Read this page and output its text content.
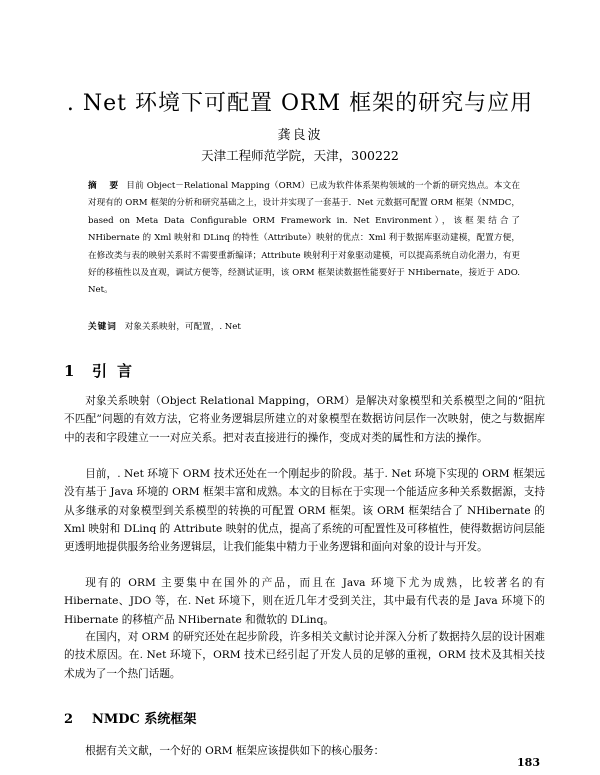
. Net 环境下可配置 ORM 框架的研究与应用
龚良波
天津工程师范学院，天津，300222

摘　要 目前 Object－Relational Mapping（ORM）已成为软件体系架构领域的一个新的研究热点。本文在对现有的 ORM 框架的分析和研究基础之上，设计并实现了一套基于．Net 元数据可配置 ORM 框架（NMDC，based on Meta Data Configurable ORM Framework in. Net Environment），该框架结合了 NHibernate 的 Xml 映射和 DLinq 的特性（Attribute）映射的优点：Xml 利于数据库驱动建模，配置方便，在修改类与表的映射关系时不需要重新编译；Attribute 映射利于对象驱动建模，可以提高系统自动化潜力，有更好的移植性以及直观，调试方便等，经测试证明，该 ORM 框架读数据性能要好于 NHibernate，接近于 ADO. Net。

关键词 对象关系映射，可配置，. Net

1 引言

对象关系映射（Object Relational Mapping，ORM）是解决对象模型和关系模型之间的“阻抗不匹配”问题的有效方法，它将业务逻辑层所建立的对象模型在数据访问层作一次映射，使之与数据库中的表和字段建立一一对应关系。把对表直接进行的操作，变成对类的属性和方法的操作。

目前，. Net 环境下 ORM 技术还处在一个刚起步的阶段。基于. Net 环境下实现的 ORM 框架远没有基于 Java 环境的 ORM 框架丰富和成熟。本文的目标在于实现一个能适应多种关系数据源，支持从多继承的对象模型到关系模型的转换的可配置 ORM 框架。该 ORM 框架结合了 NHibernate 的 Xml 映射和 DLinq 的 Attribute 映射的优点，提高了系统的可配置性及可移植性，使得数据访问层能更透明地提供服务给业务逻辑层，让我们能集中精力于业务逻辑和面向对象的设计与开发。

现有的 ORM 主要集中在国外的产品，而且在 Java 环境下尤为成熟，比较著名的有 Hibernate、JDO 等，在. Net 环境下，则在近几年才受到关注，其中最有代表的是 Java 环境下的 Hibernate 的移植产品 NHibernate 和微软的 DLinq。

在国内，对 ORM 的研究还处在起步阶段，许多相关文献讨论并深入分析了数据持久层的设计困难的技术原因。在. Net 环境下，ORM 技术已经引起了开发人员的足够的重视，ORM 技术及其相关技术成为了一个热门话题。

2 NMDC 系统框架

根据有关文献，一个好的 ORM 框架应该提供如下的核心服务：

183
